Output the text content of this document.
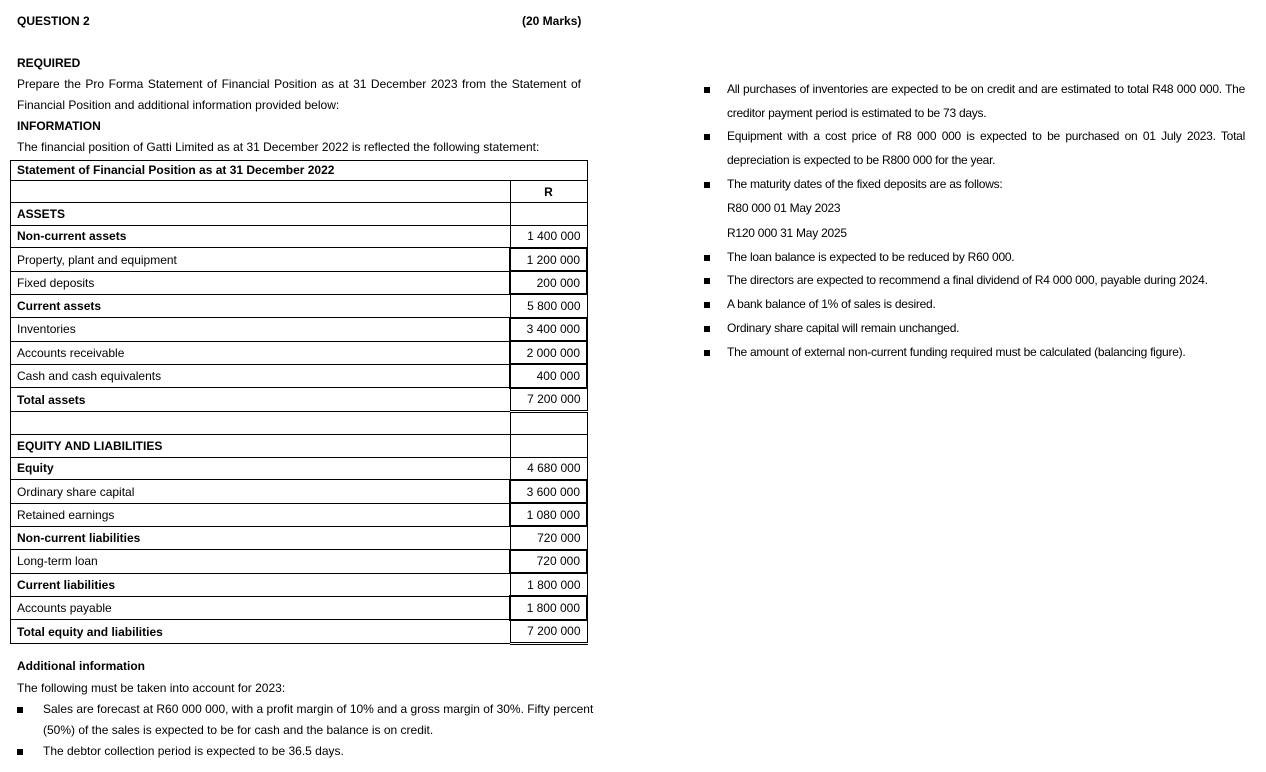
QUESTION 2	(20 Marks)
REQUIRED
Prepare the Pro Forma Statement of Financial Position as at 31 December 2023 from the Statement of
Financial Position and additional information provided below:
INFORMATION
The financial position of Gatti Limited as at 31 December 2022 is reflected the following statement:
Statement of Financial Position as at 31 December 2022
	R
ASSETS	
Non-current assets	1 400 000
Property, plant and equipment	1 200 000
Fixed deposits	200 000
Current assets	5 800 000
Inventories	3 400 000
Accounts receivable	2 000 000
Cash and cash equivalents	400 000
Total assets	7 200 000

EQUITY AND LIABILITIES	
Equity	4 680 000
Ordinary share capital	3 600 000
Retained earnings	1 080 000
Non-current liabilities	720 000
Long-term loan	720 000
Current liabilities	1 800 000
Accounts payable	1 800 000
Total equity and liabilities	7 200 000
Additional information
The following must be taken into account for 2023:
Sales are forecast at R60 000 000, with a profit margin of 10% and a gross margin of 30%. Fifty percent
(50%) of the sales is expected to be for cash and the balance is on credit.
The debtor collection period is expected to be 36.5 days.
All purchases of inventories are expected to be on credit and are estimated to total R48 000 000. The
creditor payment period is estimated to be 73 days.
Equipment with a cost price of R8 000 000 is expected to be purchased on 01 July 2023. Total
depreciation is expected to be R800 000 for the year.
The maturity dates of the fixed deposits are as follows:
R80 000 01 May 2023
R120 000 31 May 2025
The loan balance is expected to be reduced by R60 000.
The directors are expected to recommend a final dividend of R4 000 000, payable during 2024.
A bank balance of 1% of sales is desired.
Ordinary share capital will remain unchanged.
The amount of external non-current funding required must be calculated (balancing figure).
